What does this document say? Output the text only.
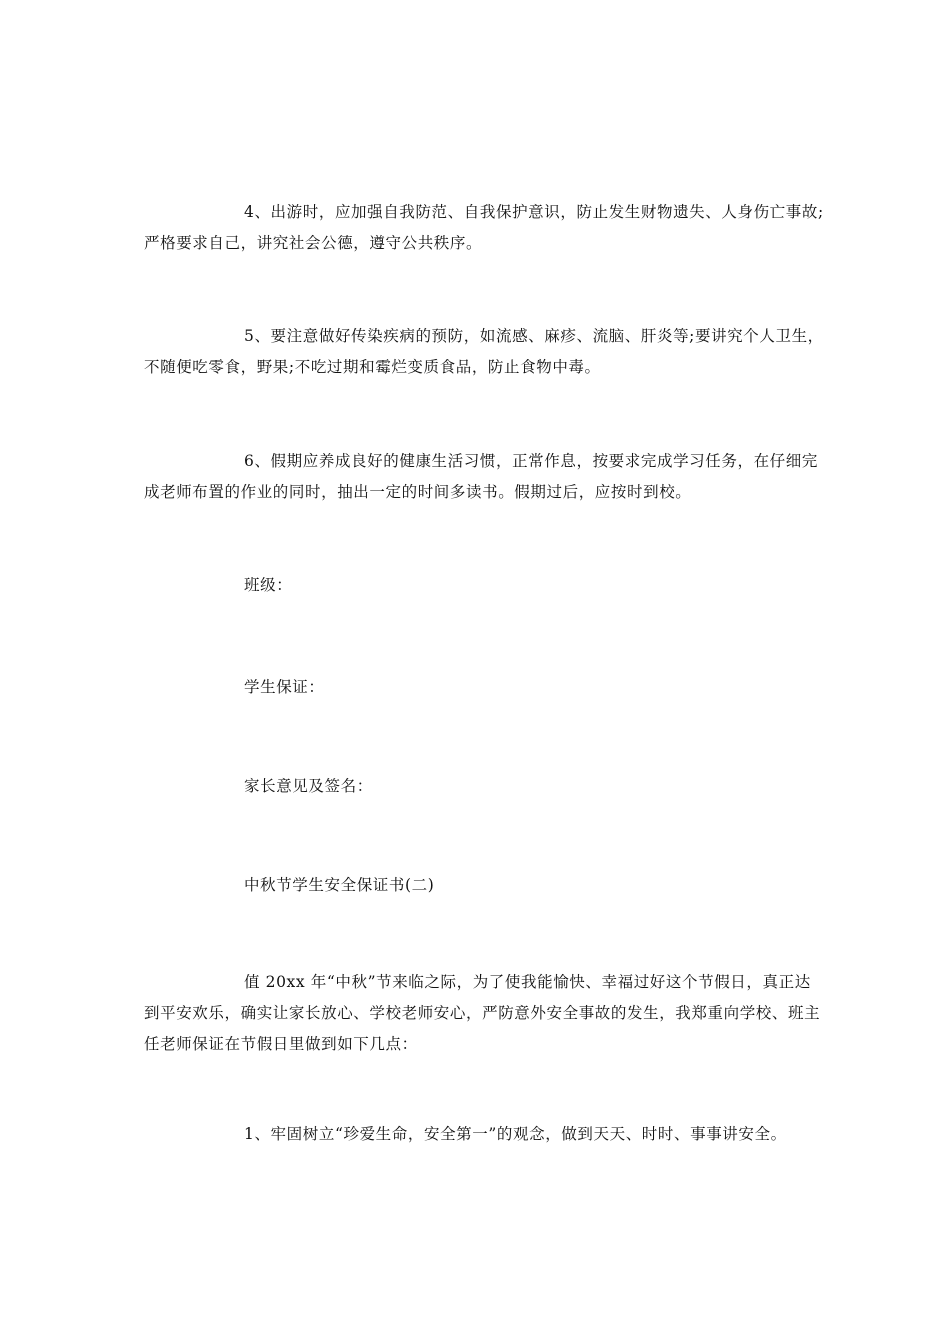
4、出游时，应加强自我防范、自我保护意识，防止发生财物遗失、人身伤亡事故;严格要求自己，讲究社会公德，遵守公共秩序。

5、要注意做好传染疾病的预防，如流感、麻疹、流脑、肝炎等;要讲究个人卫生，不随便吃零食，野果;不吃过期和霉烂变质食品，防止食物中毒。

6、假期应养成良好的健康生活习惯，正常作息，按要求完成学习任务，在仔细完成老师布置的作业的同时，抽出一定的时间多读书。假期过后，应按时到校。

班级：

学生保证：

家长意见及签名：

中秋节学生安全保证书(二)

值 20xx 年“中秋”节来临之际，为了使我能愉快、幸福过好这个节假日，真正达到平安欢乐，确实让家长放心、学校老师安心，严防意外安全事故的发生，我郑重向学校、班主任老师保证在节假日里做到如下几点：

1、牢固树立“珍爱生命，安全第一”的观念，做到天天、时时、事事讲安全。
